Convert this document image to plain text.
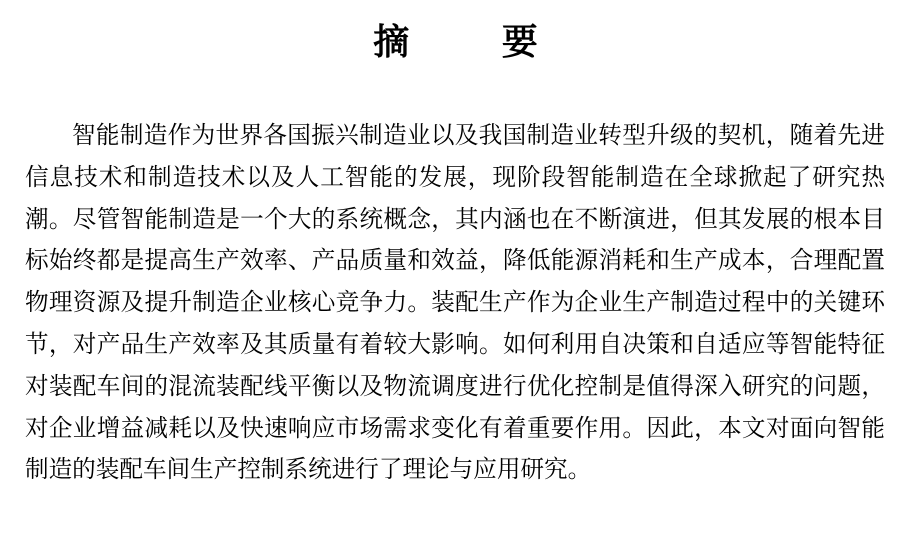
摘 要
智能制造作为世界各国振兴制造业以及我国制造业转型升级的契机，随着先进信息技术和制造技术以及人工智能的发展，现阶段智能制造在全球掀起了研究热潮。尽管智能制造是一个大的系统概念，其内涵也在不断演进，但其发展的根本目标始终都是提高生产效率、产品质量和效益，降低能源消耗和生产成本，合理配置物理资源及提升制造企业核心竞争力。装配生产作为企业生产制造过程中的关键环节，对产品生产效率及其质量有着较大影响。如何利用自决策和自适应等智能特征对装配车间的混流装配线平衡以及物流调度进行优化控制是值得深入研究的问题，对企业增益减耗以及快速响应市场需求变化有着重要作用。因此，本文对面向智能制造的装配车间生产控制系统进行了理论与应用研究。
